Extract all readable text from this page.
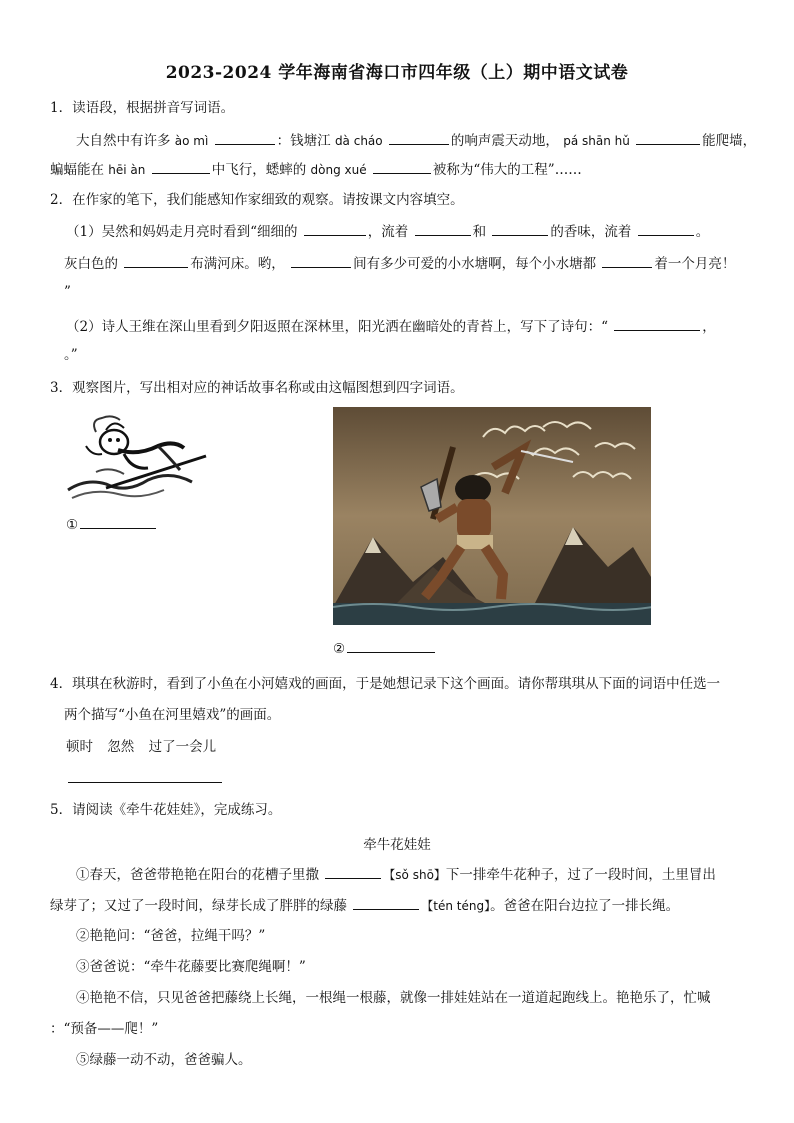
2023-2024 学年海南省海口市四年级（上）期中语文试卷
1．读语段，根据拼音写词语。
大自然中有许多 ào mì	：钱塘江 dà cháo	的响声震天动地， pá shān hǔ	能爬墙，
蝙蝠能在 hēi àn	中飞行，蟋蟀的 dòng xué	被称为“伟大的工程”……
2．在作家的笔下，我们能感知作家细致的观察。请按课文内容填空。
（1）吴然和妈妈走月亮时看到“细细的	，流着	和	的香味，流着	。
灰白色的	布满河床。哟，	间有多少可爱的小水塘啊，每个小水塘都	着一个月亮！
”
（2）诗人王维在深山里看到夕阳返照在深林里，阳光洒在幽暗处的青苔上，写下了诗句：“	，
。”
3．观察图片，写出相对应的神话故事名称或由这幅图想到四字词语。
①
②
4．琪琪在秋游时，看到了小鱼在小河嬉戏的画面，于是她想记录下这个画面。请你帮琪琪从下面的词语中任选一
两个描写“小鱼在河里嬉戏”的画面。
顿时 忽然 过了一会儿
5．请阅读《牵牛花娃娃》，完成练习。
牵牛花娃娃
①春天，爸爸带艳艳在阳台的花槽子里撒	【sǒ shō】下一排牵牛花种子，过了一段时间，土里冒出
绿芽了；又过了一段时间，绿芽长成了胖胖的绿藤	【tén téng】。爸爸在阳台边拉了一排长绳。
②艳艳问：“爸爸，拉绳干吗？”
③爸爸说：“牵牛花藤要比赛爬绳啊！”
④艳艳不信，只见爸爸把藤绕上长绳，一根绳一根藤，就像一排娃娃站在一道道起跑线上。艳艳乐了，忙喊
：“预备——爬！”
⑤绿藤一动不动，爸爸骗人。
